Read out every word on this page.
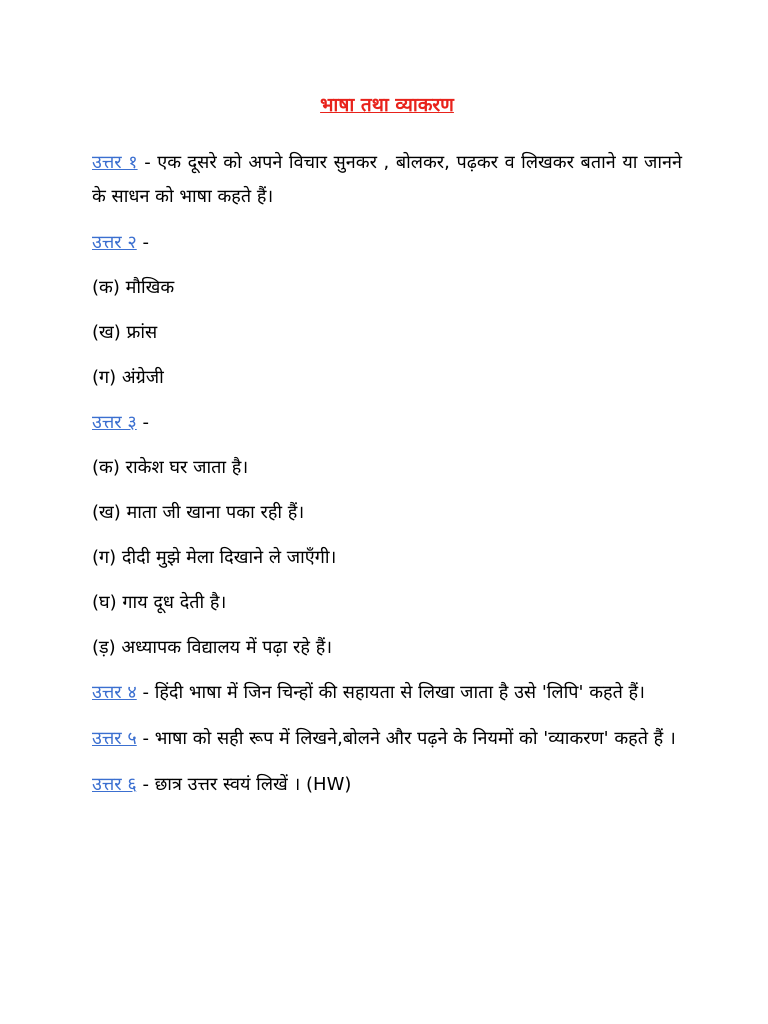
भाषा तथा व्याकरण
उत्तर १ - एक दूसरे को अपने विचार सुनकर , बोलकर, पढ़कर व लिखकर बताने या जानने के साधन को भाषा कहते हैं।
उत्तर २ -
(क) मौखिक
(ख) फ्रांस
(ग) अंग्रेजी
उत्तर ३ -
(क) राकेश घर जाता है।
(ख) माता जी खाना पका रही हैं।
(ग) दीदी मुझे मेला दिखाने ले जाएँगी।
(घ) गाय दूध देती है।
(ड़) अध्यापक विद्यालय में पढ़ा रहे हैं।
उत्तर ४ - हिंदी भाषा में जिन चिन्हों की सहायता से लिखा जाता है उसे 'लिपि' कहते हैं।
उत्तर ५ - भाषा को सही रूप में लिखने,बोलने और पढ़ने के नियमों को 'व्याकरण' कहते हैं ।
उत्तर ६ - छात्र उत्तर स्वयं लिखें । (HW)
